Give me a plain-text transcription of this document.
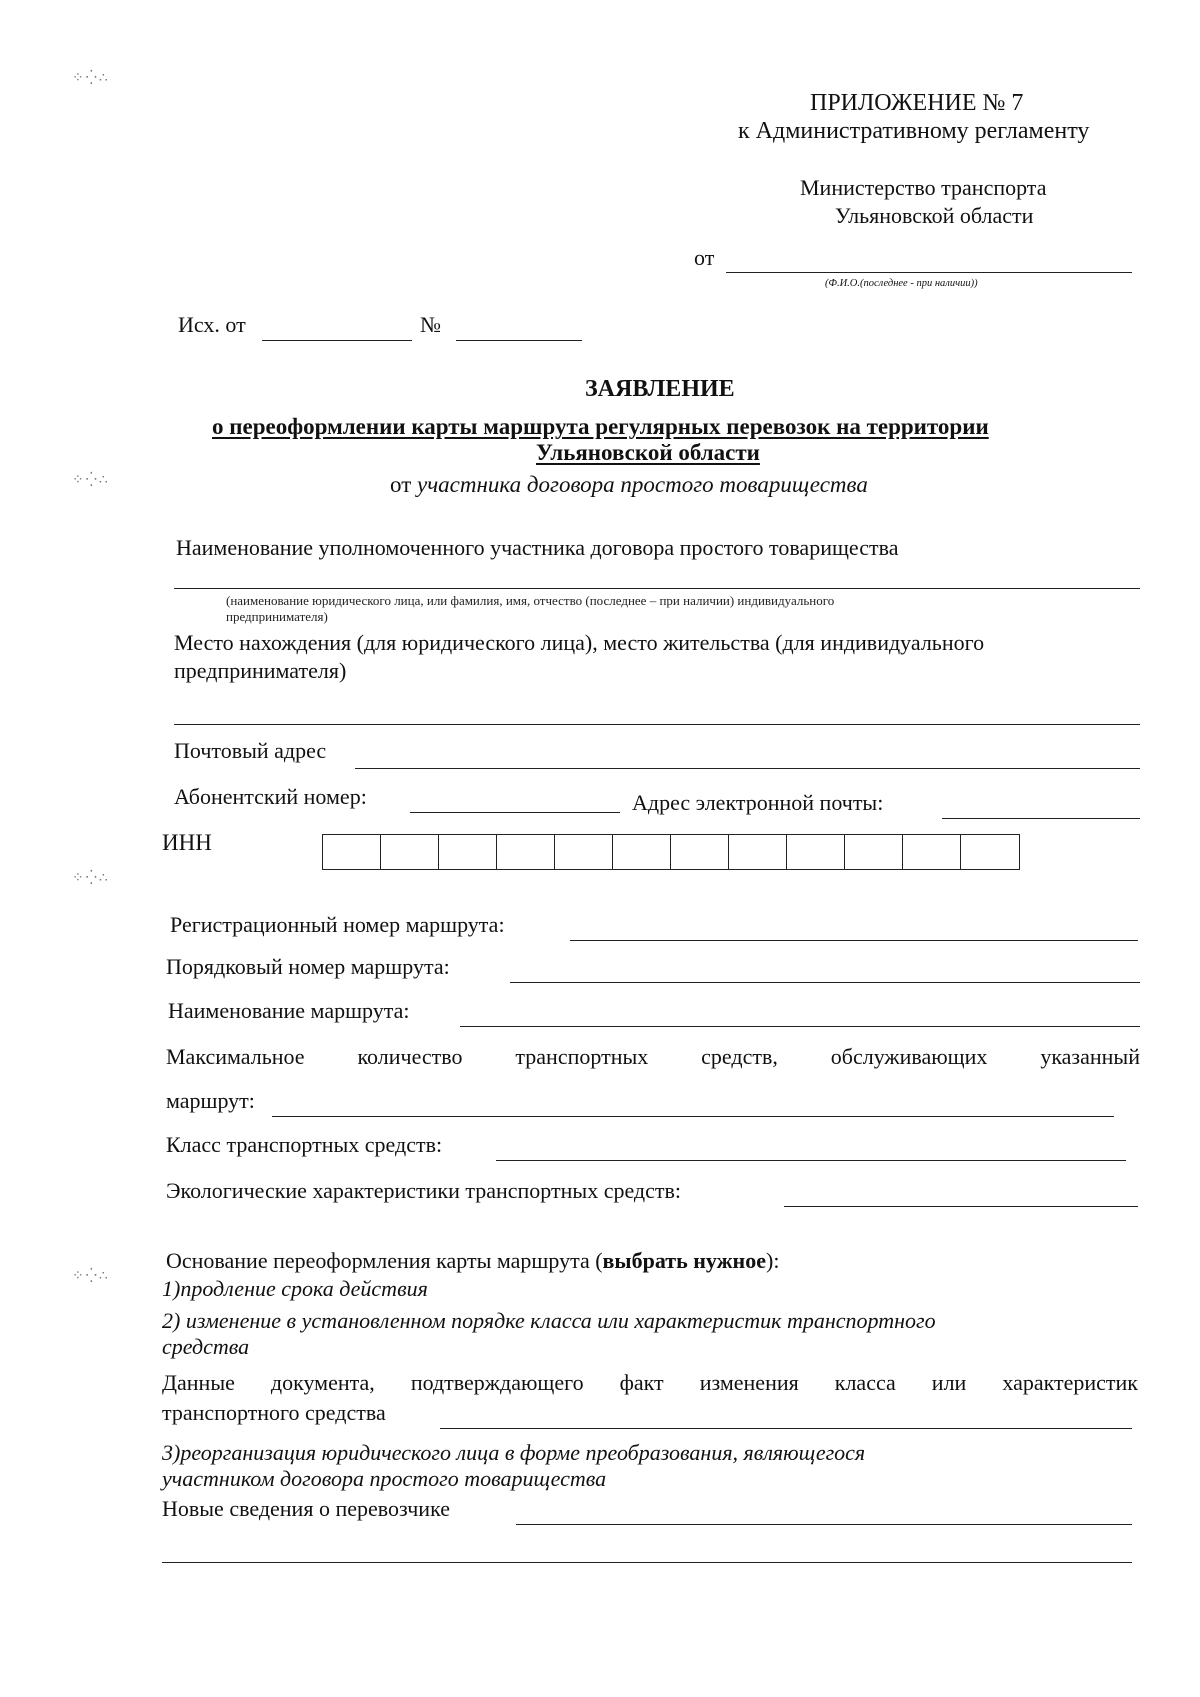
⁘⁛∴
⁘⁛∴
⁘⁛∴
⁘⁛∴
ПРИЛОЖЕНИЕ № 7
к Административному регламенту
Министерство транспорта
Ульяновской области
от
(Ф.И.О.(последнее - при наличии))
Исх. от	№
ЗАЯВЛЕНИЕ
о переоформлении карты маршрута регулярных перевозок на территории
Ульяновской области
от участника договора простого товарищества
Наименование уполномоченного участника договора простого товарищества
(наименование юридического лица, или фамилия, имя, отчество (последнее – при наличии) индивидуального
предпринимателя)
Место нахождения (для юридического лица), место жительства (для индивидуального
предпринимателя)
Почтовый адрес
Абонентский номер:	Адрес электронной почты:
ИНН
Регистрационный номер маршрута:
Порядковый номер маршрута:
Наименование маршрута:
Максимальное количество транспортных средств, обслуживающих указанный
маршрут:
Класс транспортных средств:
Экологические характеристики транспортных средств:
Основание переоформления карты маршрута (выбрать нужное):
1)продление срока действия
2) изменение в установленном порядке класса или характеристик транспортного
средства
Данные документа, подтверждающего факт изменения класса или характеристик
транспортного средства
3)реорганизация юридического лица в форме преобразования, являющегося
участником договора простого товарищества
Новые сведения о перевозчике
